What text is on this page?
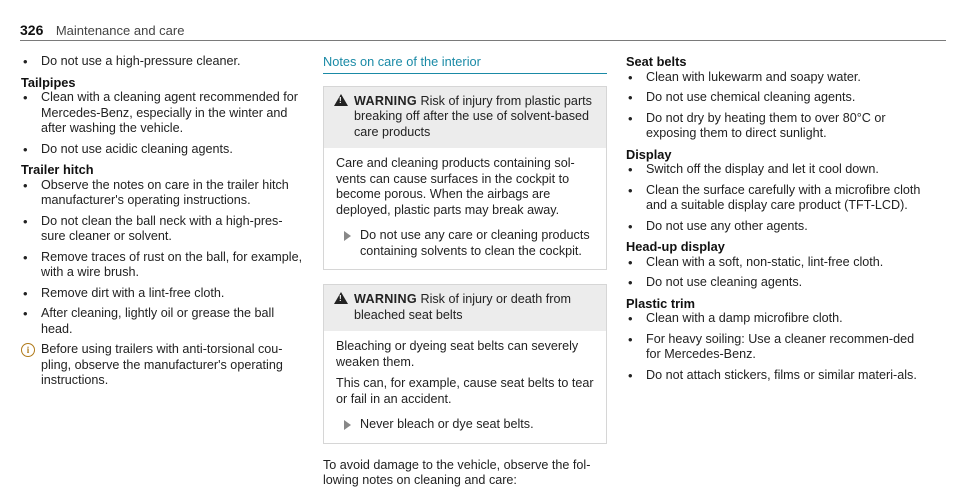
326 Maintenance and care
• Do not use a high-pressure cleaner.
Tailpipes
• Clean with a cleaning agent recommended for Mercedes-Benz, especially in the winter and after washing the vehicle.
• Do not use acidic cleaning agents.
Trailer hitch
• Observe the notes on care in the trailer hitch manufacturer's operating instructions.
• Do not clean the ball neck with a high-pres-sure cleaner or solvent.
• Remove traces of rust on the ball, for example, with a wire brush.
• Remove dirt with a lint-free cloth.
• After cleaning, lightly oil or grease the ball head.
i Before using trailers with anti-torsional cou-pling, observe the manufacturer's operating instructions.
Notes on care of the interior
!
WARNING Risk of injury from plastic parts breaking off after the use of solvent-based care products

Care and cleaning products containing sol-vents can cause surfaces in the cockpit to become porous. When the airbags are deployed, plastic parts may break away.

Do not use any care or cleaning products containing solvents to clean the cockpit.
!
WARNING Risk of injury or death from bleached seat belts

Bleaching or dyeing seat belts can severely weaken them.

This can, for example, cause seat belts to tear or fail in an accident.

Never bleach or dye seat belts.
To avoid damage to the vehicle, observe the fol-lowing notes on cleaning and care:
Seat belts
• Clean with lukewarm and soapy water.
• Do not use chemical cleaning agents.
• Do not dry by heating them to over 80°C or exposing them to direct sunlight.
Display
• Switch off the display and let it cool down.
• Clean the surface carefully with a microfibre cloth and a suitable display care product (TFT-LCD).
• Do not use any other agents.
Head-up display
• Clean with a soft, non-static, lint-free cloth.
• Do not use cleaning agents.
Plastic trim
• Clean with a damp microfibre cloth.
• For heavy soiling: Use a cleaner recommen-ded for Mercedes-Benz.
• Do not attach stickers, films or similar materi-als.
